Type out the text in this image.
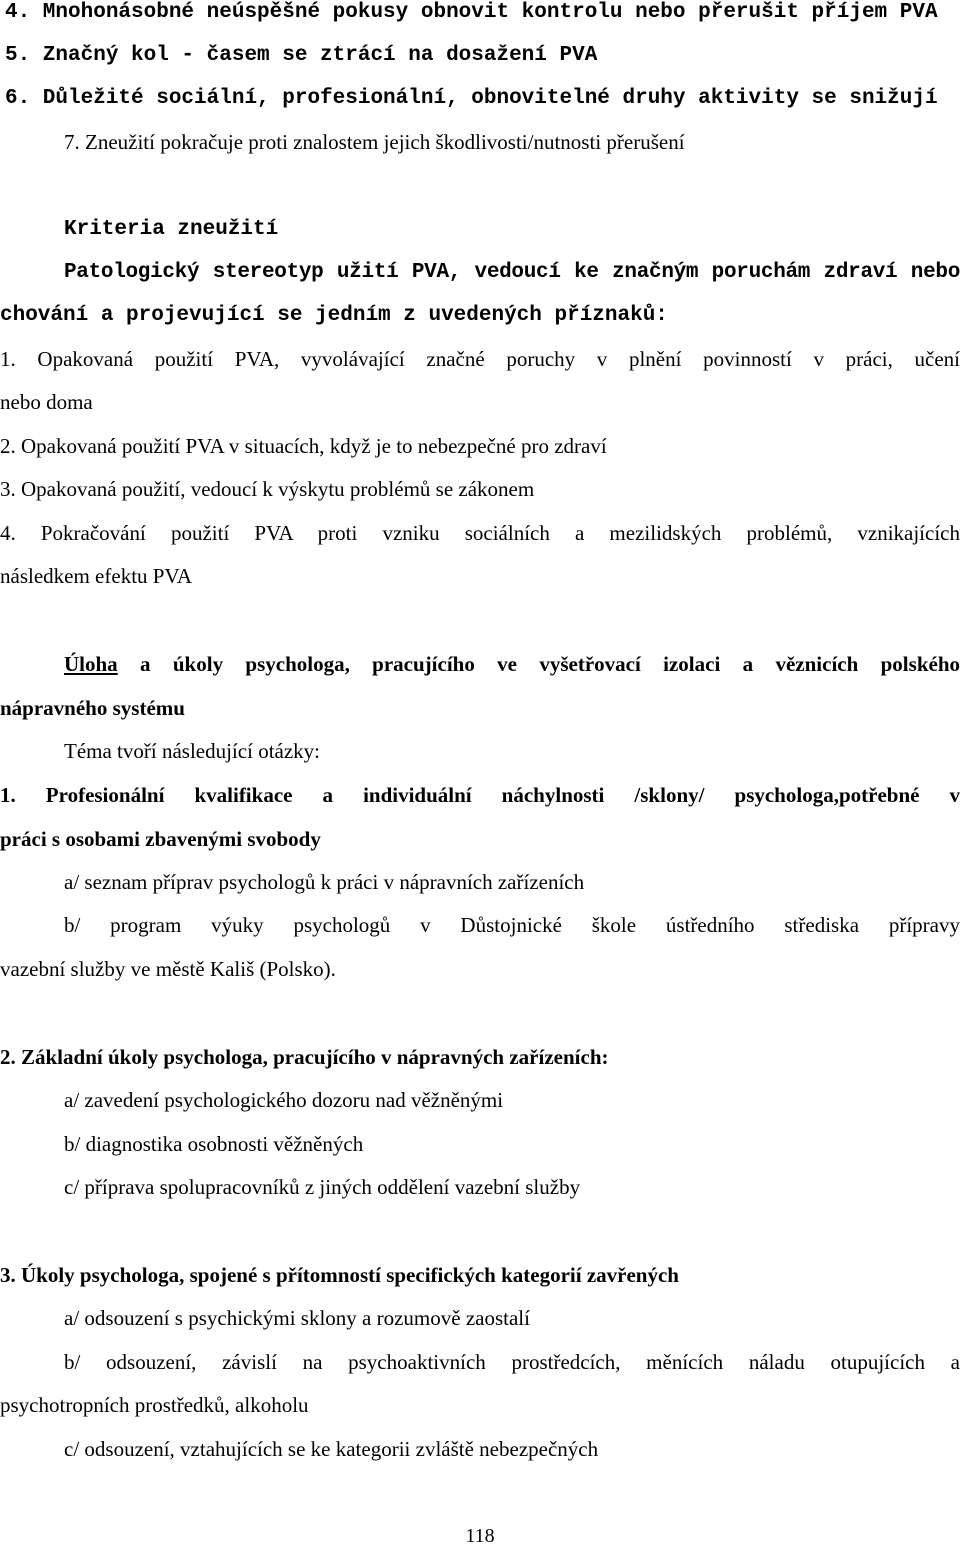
4. Mnohonásobné neúspěšné pokusy obnovit kontrolu nebo přerušit příjem PVA
5. Značný kol - časem se ztrácí na dosažení PVA
6. Důležité sociální, profesionální, obnovitelné druhy aktivity se snižují
7. Zneužití pokračuje proti znalostem jejich škodlivosti/nutnosti přerušení
Kriteria zneužití
Patologický stereotyp užití PVA, vedoucí ke značným poruchám zdraví nebo
chování a projevující se jedním z uvedených příznaků:
1. Opakovaná použití PVA, vyvolávající značné poruchy v plnění povinností v práci, učení
nebo doma
2. Opakovaná použití PVA v situacích, když je to nebezpečné pro zdraví
3. Opakovaná použití, vedoucí k výskytu problémů se zákonem
4. Pokračování použití PVA proti vzniku sociálních a mezilidských problémů, vznikajících
následkem efektu PVA
Úloha a úkoly psychologa, pracujícího ve vyšetřovací izolaci a věznicích polského
nápravného systému
Téma tvoří následující otázky:
1. Profesionální kvalifikace a individuální náchylnosti /sklony/ psychologa,potřebné v
práci s osobami zbavenými svobody
a/ seznam příprav psychologů k práci v nápravních zařízeních
b/ program výuky psychologů v Důstojnické škole ústředního střediska přípravy
vazební služby ve městě Kališ (Polsko).
2. Základní úkoly psychologa, pracujícího v nápravných zařízeních:
a/ zavedení psychologického dozoru nad věžněnými
b/ diagnostika osobnosti věžněných
c/ příprava spolupracovníků z jiných oddělení vazební služby
3. Úkoly psychologa, spojené s přítomností specifických kategorií zavřených
a/ odsouzení s psychickými sklony a rozumově zaostalí
b/ odsouzení, závislí na psychoaktivních prostředcích, měnících náladu otupujících a
psychotropních prostředků, alkoholu
c/ odsouzení, vztahujících se ke kategorii zvláště nebezpečných
118
